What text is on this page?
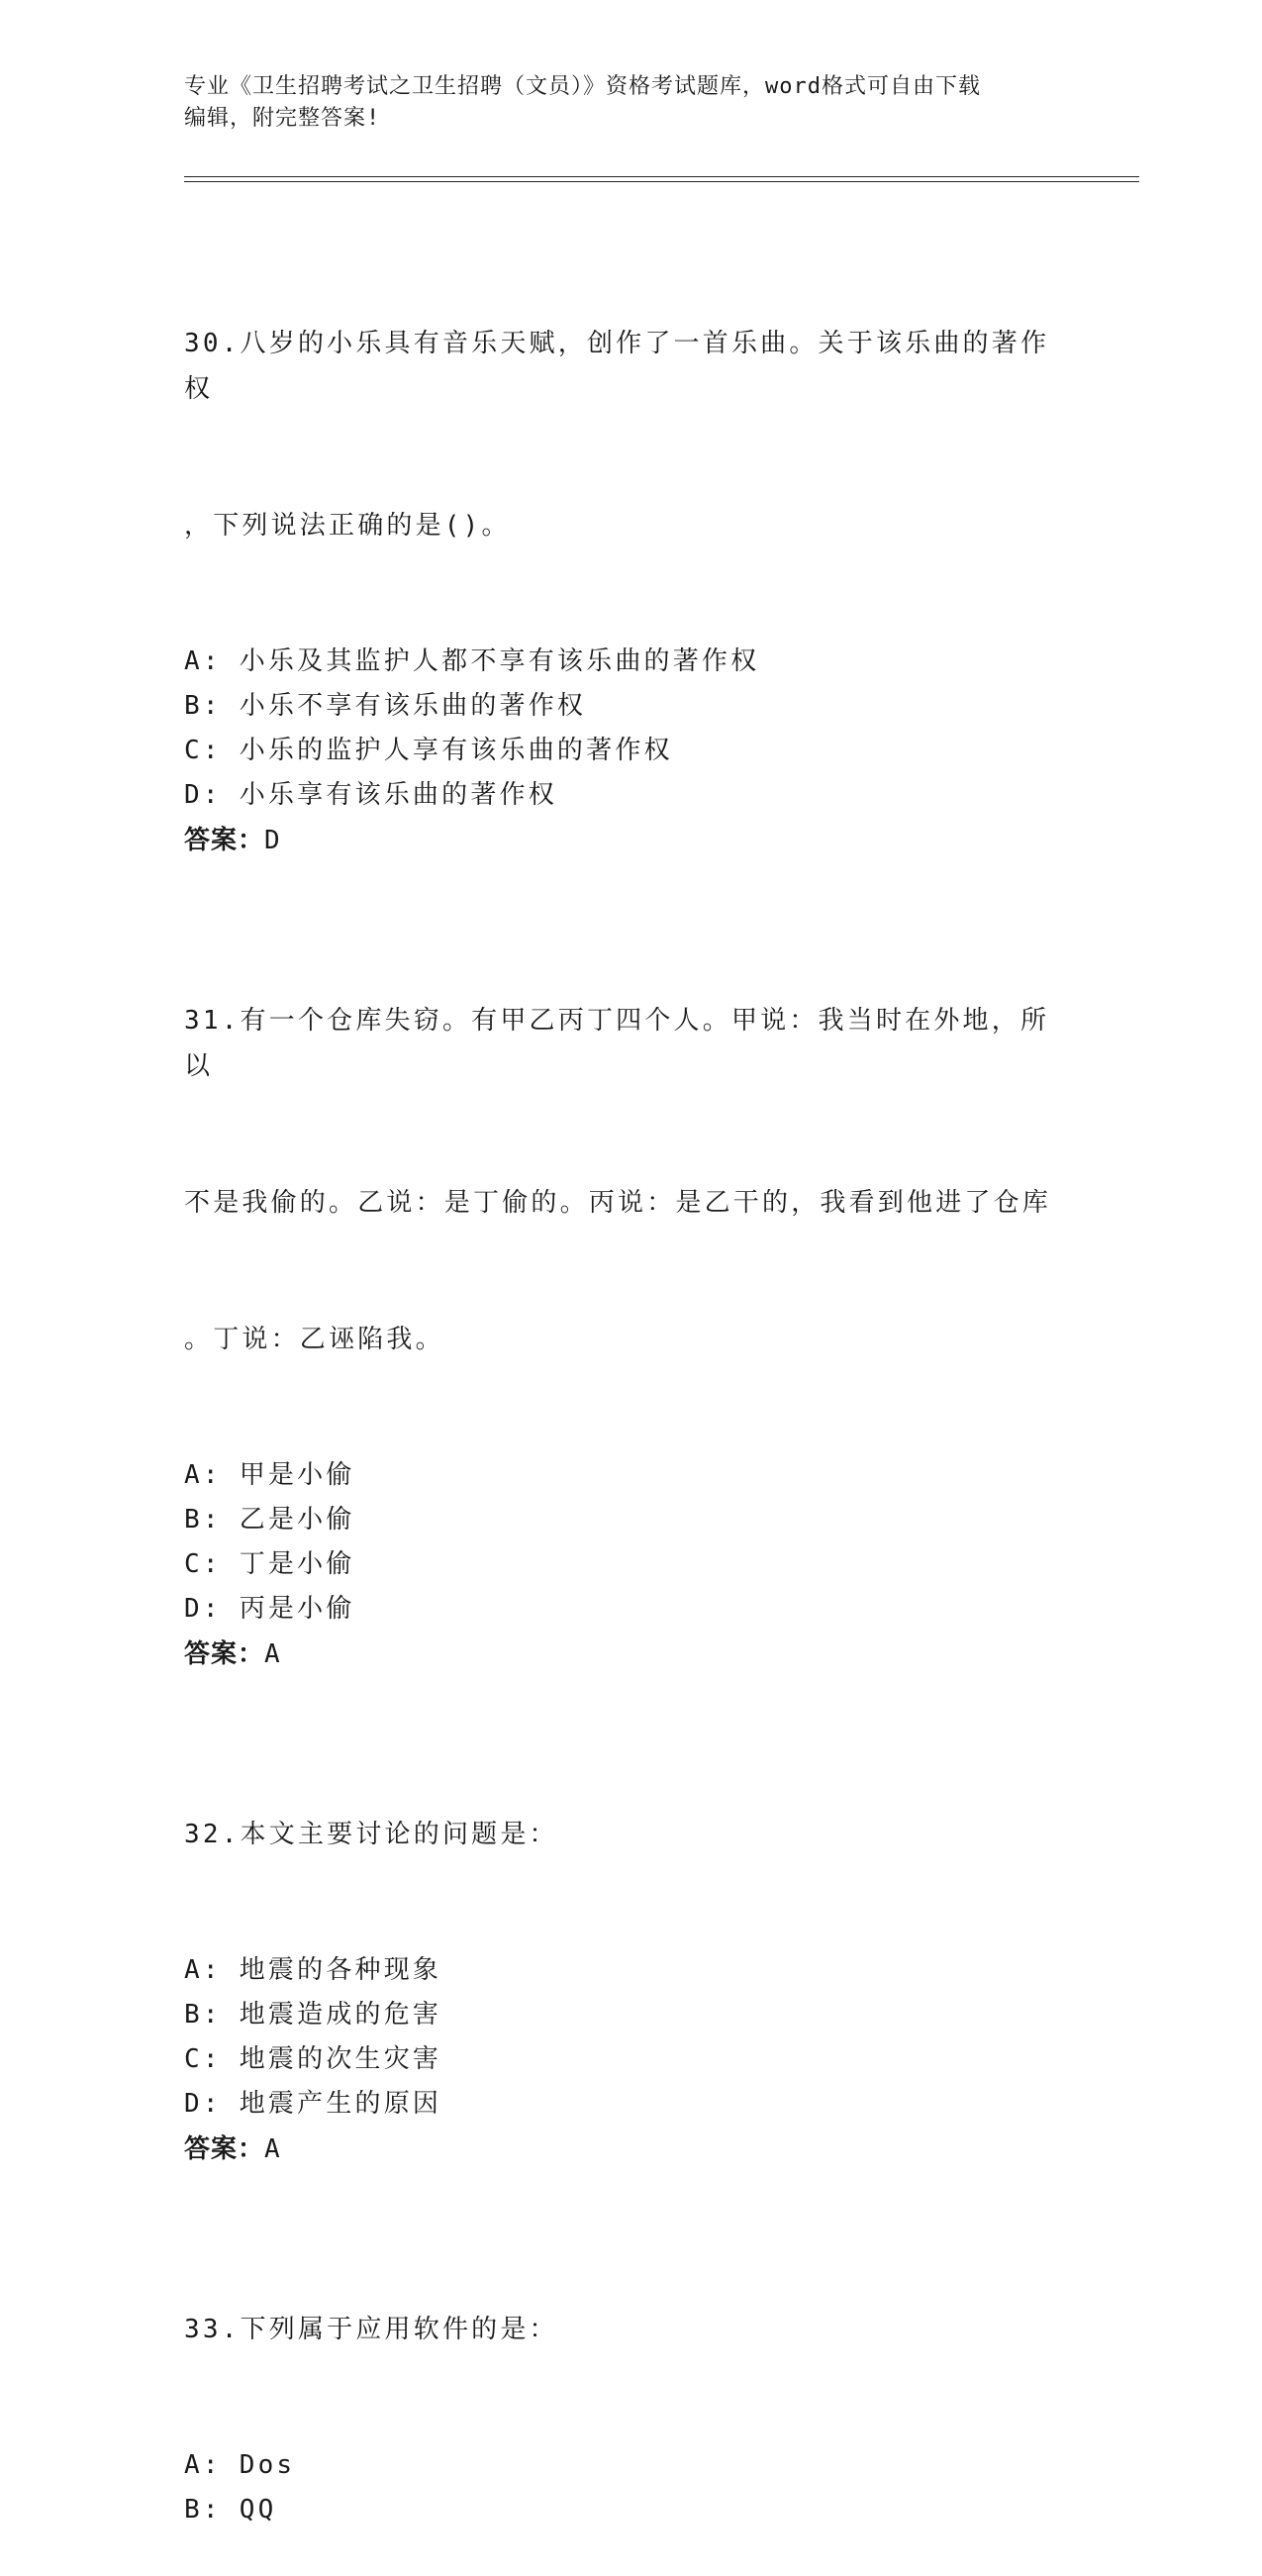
专业《卫生招聘考试之卫生招聘（文员）》资格考试题库，word格式可自由下载
编辑，附完整答案!

30.八岁的小乐具有音乐天赋，创作了一首乐曲。关于该乐曲的著作权

，下列说法正确的是()。

A: 小乐及其监护人都不享有该乐曲的著作权
B: 小乐不享有该乐曲的著作权
C: 小乐的监护人享有该乐曲的著作权
D: 小乐享有该乐曲的著作权
答案：D

31.有一个仓库失窃。有甲乙丙丁四个人。甲说：我当时在外地，所以

不是我偷的。乙说：是丁偷的。丙说：是乙干的，我看到他进了仓库

。丁说：乙诬陷我。

A: 甲是小偷
B: 乙是小偷
C: 丁是小偷
D: 丙是小偷
答案：A

32.本文主要讨论的问题是：

A: 地震的各种现象
B: 地震造成的危害
C: 地震的次生灾害
D: 地震产生的原因
答案：A

33.下列属于应用软件的是：

A: Dos
B: QQ
